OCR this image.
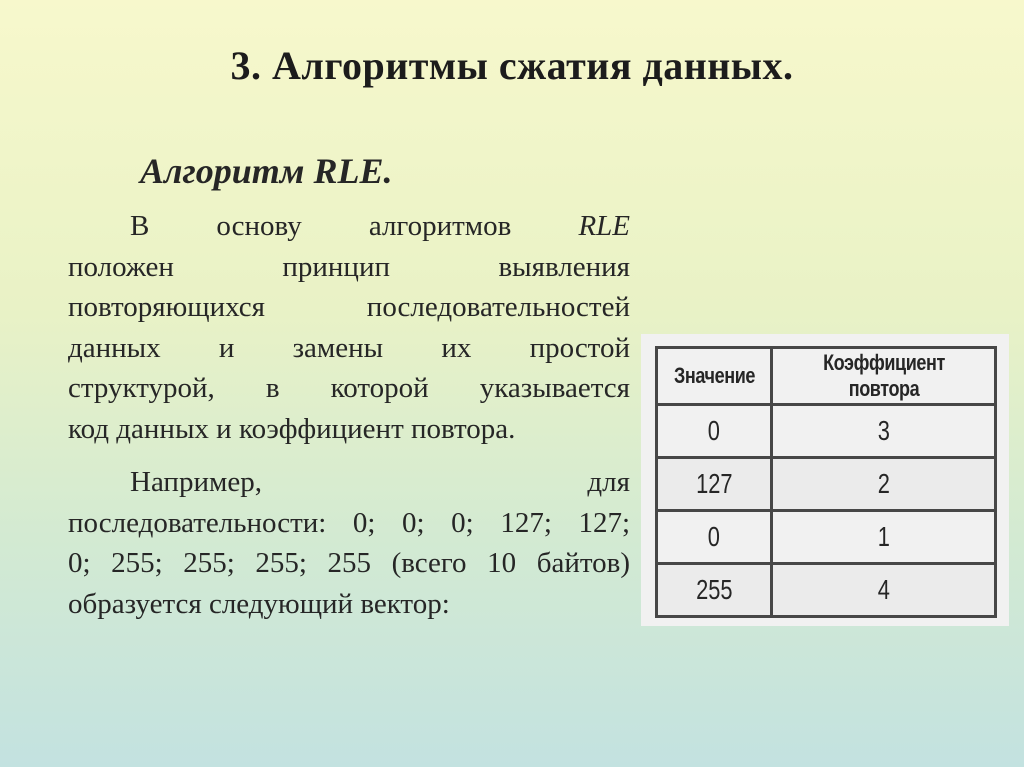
3. Алгоритмы сжатия данных.
Алгоритм RLE.
В основу алгоритмов RLE
положен принцип выявления
повторяющихся последовательностей
данных и замены их простой
структурой, в которой указывается
код данных и коэффициент повтора.
Например, для
последовательности: 0; 0; 0; 127; 127;
0; 255; 255; 255; 255 (всего 10 байтов)
образуется следующий вектор:
Значение	Коэффициент повтора
0	3
127	2
0	1
255	4
